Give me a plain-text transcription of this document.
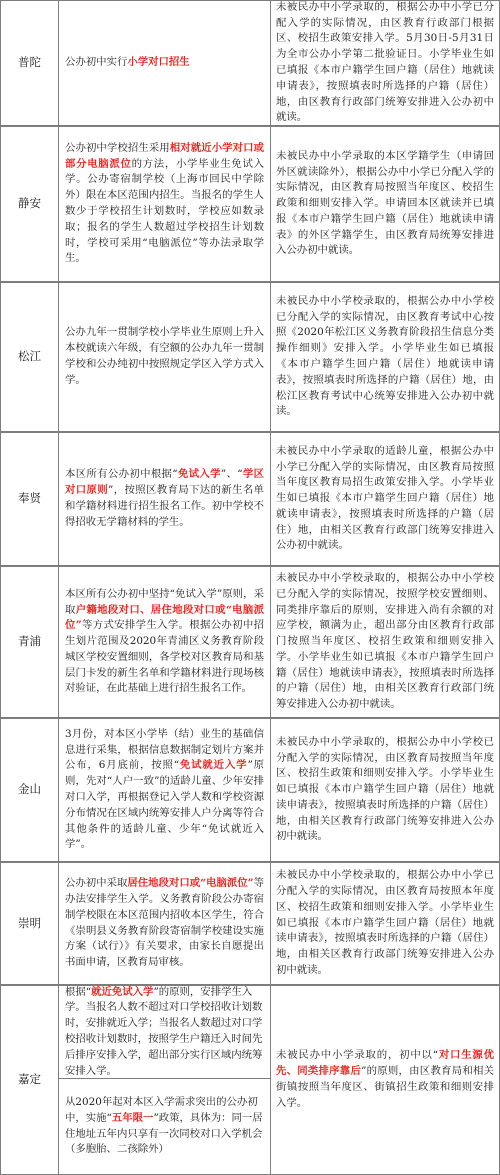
普陀	公办初中实行小学对口招生
未被民办中小学录取的，根据公办中小学已分配入学的实际情况，由区教育行政部门根据区、校招生政策安排入学。5月30日-5月31日为全市公办小学第二批验证日。小学毕业生如已填报《本市户籍学生回户籍（居住）地就读申请表》，按照填表时所选择的户籍（居住）地，由区教育行政部门统筹安排进入公办初中就读。
静安
公办初中学校招生采用相对就近小学对口或部分电脑派位的方法，小学毕业生免试入学。公办寄宿制学校（上海市回民中学除外）限在本区范围内招生。当报名的学生人数少于学校招生计划数时，学校应如数录取；报名的学生人数超过学校招生计划数时，学校可采用“电脑派位”等办法录取学生。
未被民办中小学录取的本区学籍学生（申请回外区就读除外），根据公办中小学已分配入学的实际情况，由区教育局按照当年度区、校招生政策和细则安排入学。申请回本区就读并已填报《本市户籍学生回户籍（居住）地就读申请表》的外区学籍学生，由区教育局统筹安排进入公办初中就读。
松江
公办九年一贯制学校小学毕业生原则上升入本校就读六年级，有空额的公办九年一贯制学校和公办纯初中按照规定学区入学方式入学。
未被民办中小学校录取的，根据公办中小学校已分配入学的实际情况，由区教育考试中心按照《2020年松江区义务教育阶段招生信息分类操作细则》安排入学。小学毕业生如已填报《本市户籍学生回户籍（居住）地就读申请表》，按照填表时所选择的户籍（居住）地，由松江区教育考试中心统筹安排进入公办初中就读。
奉贤
本区所有公办初中根据“免试入学”、“学区对口原则”，按照区教育局下达的新生名单和学籍材料进行招生报名工作。初中学校不得招收无学籍材料的学生。
未被民办中小学录取的适龄儿童，根据公办中小学已分配入学的实际情况，由区教育局按照当年度区教育局招生政策安排入学。小学毕业生如已填报《本市户籍学生回户籍（居住）地就读申请表》，按照填表时所选择的户籍（居住）地，由相关区教育行政部门统筹安排进入公办初中就读。
青浦
本区所有公办初中坚持“免试入学”原则，采取户籍地段对口、居住地段对口或“电脑派位”等方式安排学生入学。根据公办初中招生划片范围及2020年青浦区义务教育阶段城区学校安置细则，各学校对区教育局和基层门卡发的新生名单和学籍材料进行现场核对验证，在此基础上进行招生报名工作。
未被民办中小学校录取的，根据公办中小学校已分配入学的实际情况，按照学校安置细则、同类排序靠后的原则，安排进入尚有余额的对应学校，额满为止，超出部分由区教育行政部门按照当年度区、校招生政策和细则安排入学。小学毕业生如已填报《本市户籍学生回户籍（居住）地就读申请表》，按照填表时所选择的户籍（居住）地，由相关区教育行政部门统筹安排进入公办初中就读。
金山
3月份，对本区小学毕（结）业生的基础信息进行采集，根据信息数据制定划片方案并公布，6月底前，按照“免试就近入学”原则，先对“人户一致”的适龄儿童、少年安排对口入学，再根据登记入学人数和学校资源分布情况在区域内统筹安排人户分离等符合其他条件的适龄儿童、少年“免试就近入学”。
未被民办中小学录取的，根据公办中小学校已分配入学的实际情况，由区教育局按照当年度区、校招生政策和细则安排入学。小学毕业生如已填报《本市户籍学生回户籍（居住）地就读申请表》，按照填表时所选择的户籍（居住）地，由相关区教育行政部门统筹安排进入公办初中就读。
崇明
公办初中采取居住地段对口或“电脑派位”等办法安排学生入学。义务教育阶段公办寄宿制学校限在本区范围内招收本区学生，符合《崇明县义务教育阶段寄宿制学校建设实施方案（试行）》有关要求，由家长自愿提出书面申请，区教育局审核。
未被民办中小学校录取的，根据公办中小学已分配入学的实际情况，由区教育局按照本年度区、校招生政策和细则安排入学。小学毕业生如已填报《本市户籍学生回户籍（居住）地就读申请表》，按照填表时所选择的户籍（居住）地，由相关区教育行政部门统筹安排进入公办初中就读。
嘉定
根据“就近免试入学”的原则，安排学生入学。当报名人数不超过对口学校招收计划数时，安排就近入学；当报名人数超过对口学校招收计划数时，按照学生户籍迁入时间先后排序安排入学，超出部分实行区域内统筹安排入学。
从2020年起对本区入学需求突出的公办初中，实施“五年限一”政策，具体为：同一居住地址五年内只享有一次同校对口入学机会（多胞胎、二孩除外）
未被民办中小学录取的，初中以“对口生源优先、同类排序靠后”的原则，由区教育局和相关街镇按照当年度区、街镇招生政策和细则安排入学。
